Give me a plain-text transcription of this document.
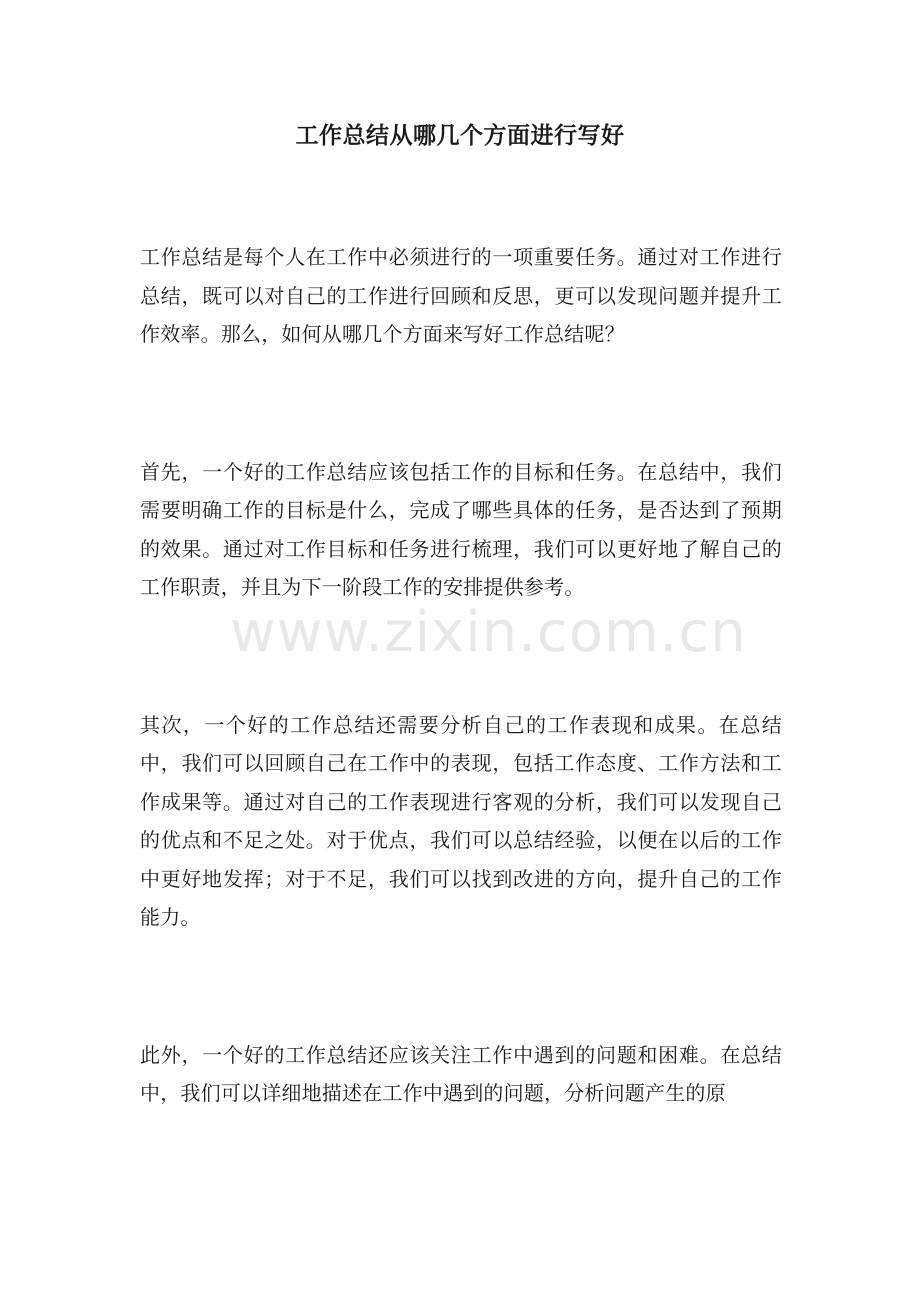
工作总结从哪几个方面进行写好

工作总结是每个人在工作中必须进行的一项重要任务。通过对工作进行总结，既可以对自己的工作进行回顾和反思，更可以发现问题并提升工作效率。那么，如何从哪几个方面来写好工作总结呢？

首先，一个好的工作总结应该包括工作的目标和任务。在总结中，我们需要明确工作的目标是什么，完成了哪些具体的任务，是否达到了预期的效果。通过对工作目标和任务进行梳理，我们可以更好地了解自己的工作职责，并且为下一阶段工作的安排提供参考。

其次，一个好的工作总结还需要分析自己的工作表现和成果。在总结中，我们可以回顾自己在工作中的表现，包括工作态度、工作方法和工作成果等。通过对自己的工作表现进行客观的分析，我们可以发现自己的优点和不足之处。对于优点，我们可以总结经验，以便在以后的工作中更好地发挥；对于不足，我们可以找到改进的方向，提升自己的工作能力。

此外，一个好的工作总结还应该关注工作中遇到的问题和困难。在总结中，我们可以详细地描述在工作中遇到的问题，分析问题产生的原

www.zixin.com.cn
